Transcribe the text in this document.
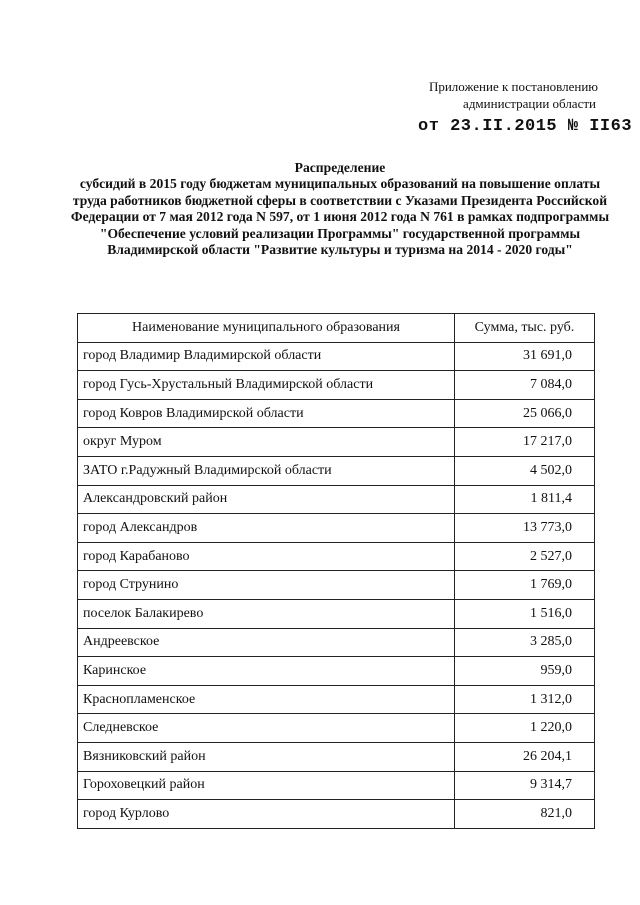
Приложение к постановлению
администрации области
от 23.II.2015 № II63
Распределение
субсидий в 2015 году бюджетам муниципальных образований на повышение оплаты труда работников бюджетной сферы в соответствии с Указами Президента Российской Федерации от 7 мая 2012 года N 597, от 1 июня 2012 года N 761 в рамках подпрограммы "Обеспечение условий реализации Программы" государственной программы Владимирской области "Развитие культуры и туризма на 2014 - 2020 годы"
Наименование муниципального образования	Сумма, тыс. руб.
город Владимир Владимирской области	31 691,0
город Гусь-Хрустальный Владимирской области	7 084,0
город Ковров Владимирской области	25 066,0
округ Муром	17 217,0
ЗАТО г.Радужный Владимирской области	4 502,0
Александровский район	1 811,4
город Александров	13 773,0
город Карабаново	2 527,0
город Струнино	1 769,0
поселок Балакирево	1 516,0
Андреевское	3 285,0
Каринское	959,0
Краснопламенское	1 312,0
Следневское	1 220,0
Вязниковский район	26 204,1
Гороховецкий район	9 314,7
город Курлово	821,0
